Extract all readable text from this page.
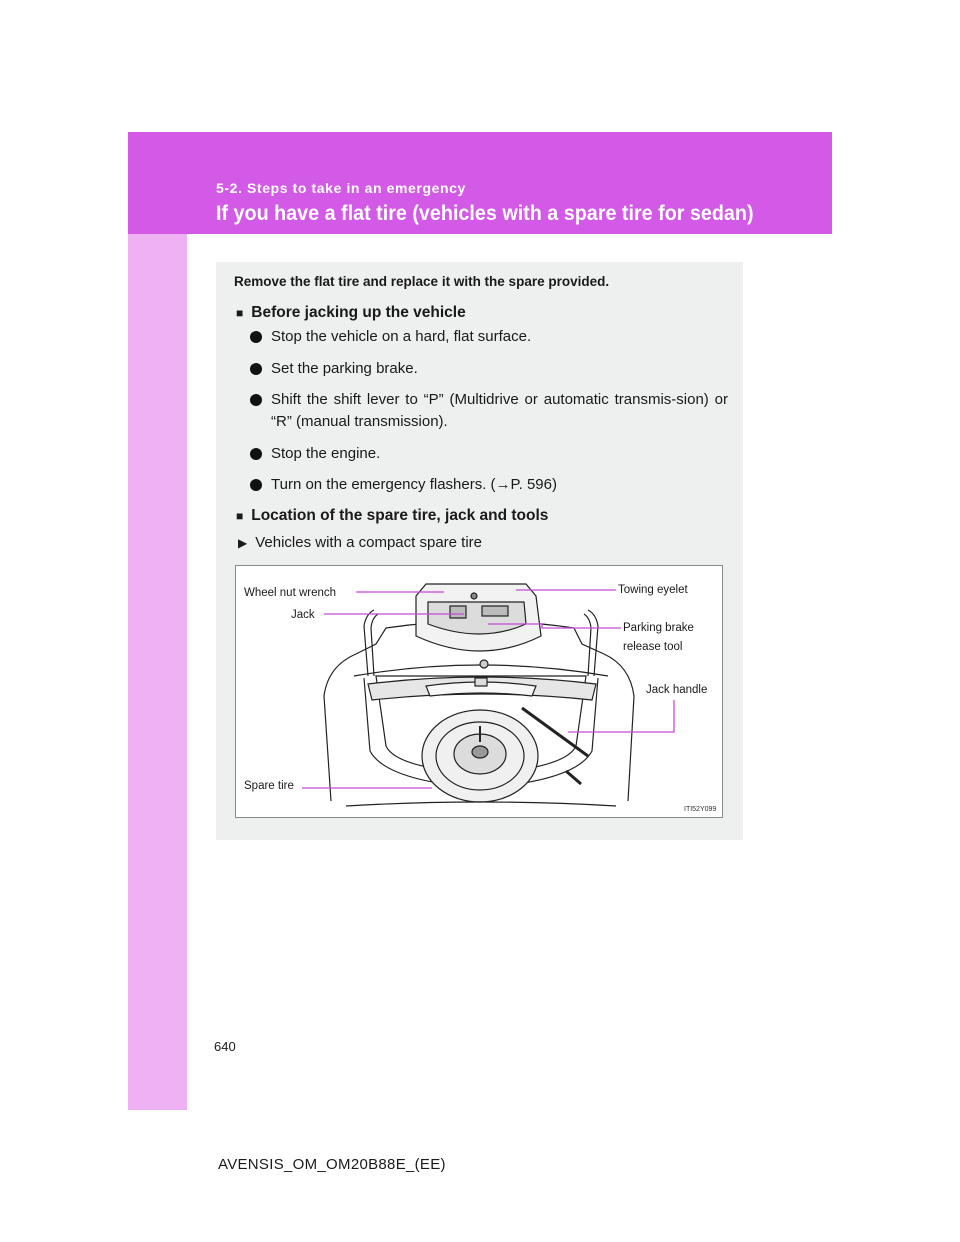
5-2. Steps to take in an emergency

If you have a flat tire (vehicles with a spare tire for sedan)

Remove the flat tire and replace it with the spare provided.

■ Before jacking up the vehicle

Stop the vehicle on a hard, flat surface.
Set the parking brake.
Shift the shift lever to “P” (Multidrive or automatic transmis-sion) or “R” (manual transmission).
Stop the engine.
Turn on the emergency flashers. (→P. 596)

■ Location of the spare tire, jack and tools

▶ Vehicles with a compact spare tire

Wheel nut wrench

Jack

Towing eyelet

Parking brake

release tool

Jack handle

Spare tire

ITI52Y099

640

AVENSIS_OM_OM20B88E_(EE)
